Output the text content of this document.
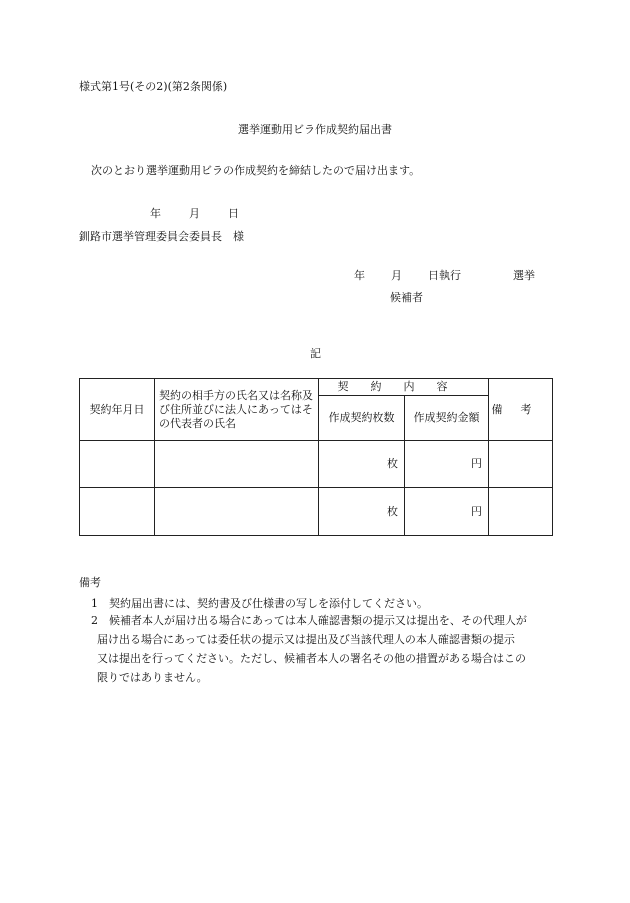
様式第1号(その2)(第2条関係)
選挙運動用ビラ作成契約届出書
次のとおり選挙運動用ビラの作成契約を締結したので届け出ます。
年	月	日
釧路市選挙管理委員会委員長　様
年 月 日執行	選挙
候補者
記
契約年月日	契約の相手方の氏名又は名称及び住所並びに法人にあってはその代表者の氏名	契約内容		備考
		作成契約枚数	作成契約金額	
		枚	円	
		枚	円	
備考
1 契約届出書には、契約書及び仕様書の写しを添付してください。
2 候補者本人が届け出る場合にあっては本人確認書類の提示又は提出を、その代理人が
届け出る場合にあっては委任状の提示又は提出及び当該代理人の本人確認書類の提示
又は提出を行ってください。ただし、候補者本人の署名その他の措置がある場合はこの
限りではありません。
